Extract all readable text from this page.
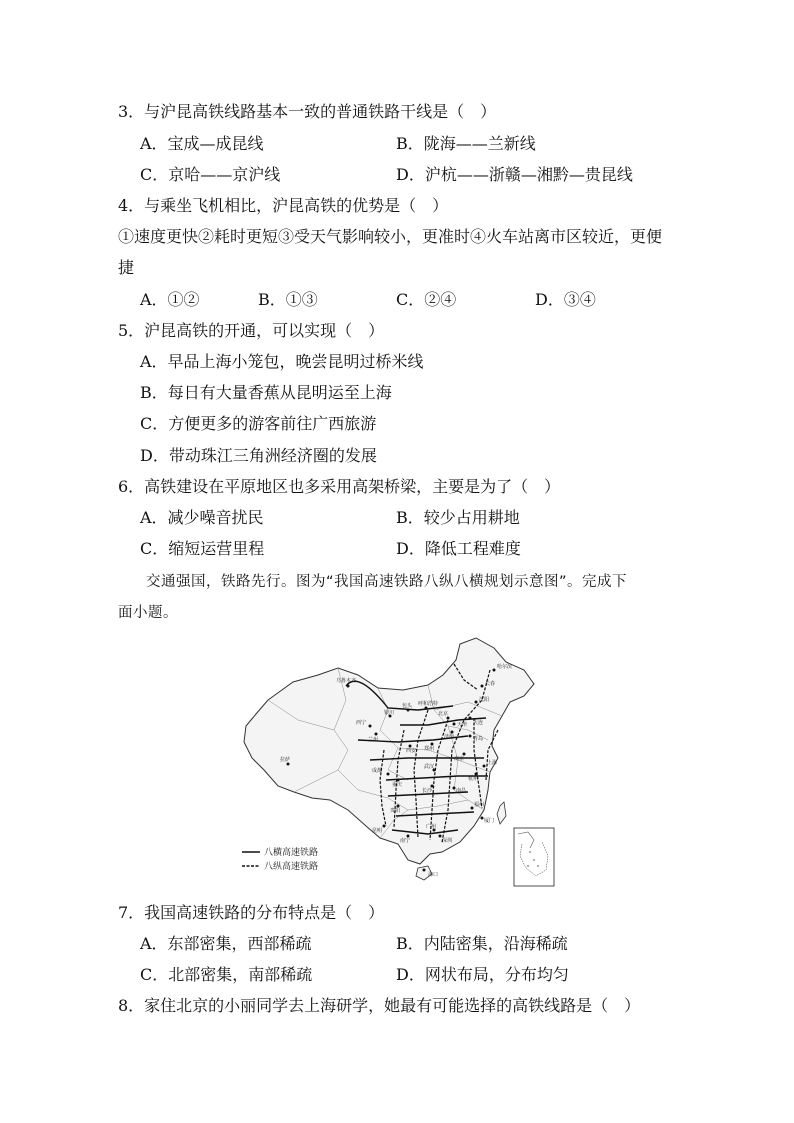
3．与沪昆高铁线路基本一致的普通铁路干线是（　）
A．宝成—成昆线	B．陇海——兰新线
C．京哈——京沪线	D．沪杭——浙赣—湘黔—贵昆线
4．与乘坐飞机相比，沪昆高铁的优势是（　）
①速度更快②耗时更短③受天气影响较小，更准时④火车站离市区较近，更便
捷
A．①②	B．①③	C．②④	D．③④
5．沪昆高铁的开通，可以实现（　）
A．早品上海小笼包，晚尝昆明过桥米线
B．每日有大量香蕉从昆明运至上海
C．方便更多的游客前往广西旅游
D．带动珠江三角洲经济圈的发展
6．高铁建设在平原地区也多采用高架桥梁，主要是为了（　）
A．减少噪音扰民	B．较少占用耕地
C．缩短运营里程	D．降低工程难度
交通强国，铁路先行。图为“我国高速铁路八纵八横规划示意图”。完成下
面小题。
哈尔滨
长春
沈阳
大连
北京
天津
呼和浩特
包头
银川
西宁
兰州
乌鲁木齐
拉萨
成都
重庆
西安 郑州
济南	青岛
南京
上海
杭州
武汉
长沙	南昌
福州
厦门
广州
深圳
南宁
昆明
贵阳
海口
八横高速铁路
八纵高速铁路
7．我国高速铁路的分布特点是（　）
A．东部密集，西部稀疏	B．内陆密集，沿海稀疏
C．北部密集，南部稀疏	D．网状布局，分布均匀
8．家住北京的小丽同学去上海研学，她最有可能选择的高铁线路是（　）
